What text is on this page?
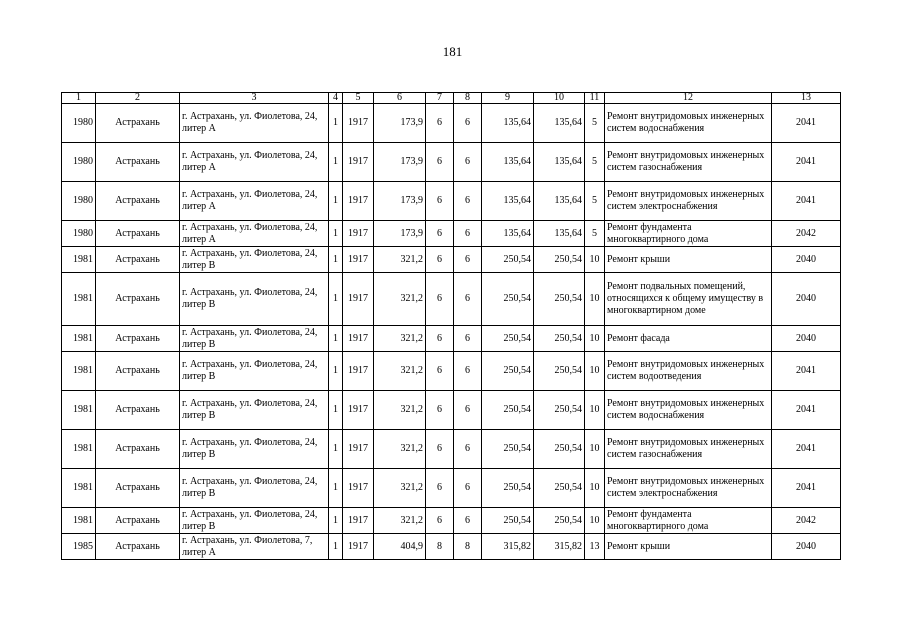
181
1	2	3	4	5	6	7	8	9	10	11	12	13
1980	Астрахань	г. Астрахань, ул. Фиолетова, 24, литер А	1	1917	173,9	6	6	135,64	135,64	5	Ремонт внутридомовых инженерных систем водоснабжения	2041
1980	Астрахань	г. Астрахань, ул. Фиолетова, 24, литер А	1	1917	173,9	6	6	135,64	135,64	5	Ремонт внутридомовых инженерных систем газоснабжения	2041
1980	Астрахань	г. Астрахань, ул. Фиолетова, 24, литер А	1	1917	173,9	6	6	135,64	135,64	5	Ремонт внутридомовых инженерных систем электроснабжения	2041
1980	Астрахань	г. Астрахань, ул. Фиолетова, 24, литер А	1	1917	173,9	6	6	135,64	135,64	5	Ремонт фундамента многоквартирного дома	2042
1981	Астрахань	г. Астрахань, ул. Фиолетова, 24, литер В	1	1917	321,2	6	6	250,54	250,54	10	Ремонт крыши	2040
1981	Астрахань	г. Астрахань, ул. Фиолетова, 24, литер В	1	1917	321,2	6	6	250,54	250,54	10	Ремонт подвальных помещений, относящихся к общему имуществу в многоквартирном доме	2040
1981	Астрахань	г. Астрахань, ул. Фиолетова, 24, литер В	1	1917	321,2	6	6	250,54	250,54	10	Ремонт фасада	2040
1981	Астрахань	г. Астрахань, ул. Фиолетова, 24, литер В	1	1917	321,2	6	6	250,54	250,54	10	Ремонт внутридомовых инженерных систем водоотведения	2041
1981	Астрахань	г. Астрахань, ул. Фиолетова, 24, литер В	1	1917	321,2	6	6	250,54	250,54	10	Ремонт внутридомовых инженерных систем водоснабжения	2041
1981	Астрахань	г. Астрахань, ул. Фиолетова, 24, литер В	1	1917	321,2	6	6	250,54	250,54	10	Ремонт внутридомовых инженерных систем газоснабжения	2041
1981	Астрахань	г. Астрахань, ул. Фиолетова, 24, литер В	1	1917	321,2	6	6	250,54	250,54	10	Ремонт внутридомовых инженерных систем электроснабжения	2041
1981	Астрахань	г. Астрахань, ул. Фиолетова, 24, литер В	1	1917	321,2	6	6	250,54	250,54	10	Ремонт фундамента многоквартирного дома	2042
1985	Астрахань	г. Астрахань, ул. Фиолетова, 7, литер А	1	1917	404,9	8	8	315,82	315,82	13	Ремонт крыши	2040
